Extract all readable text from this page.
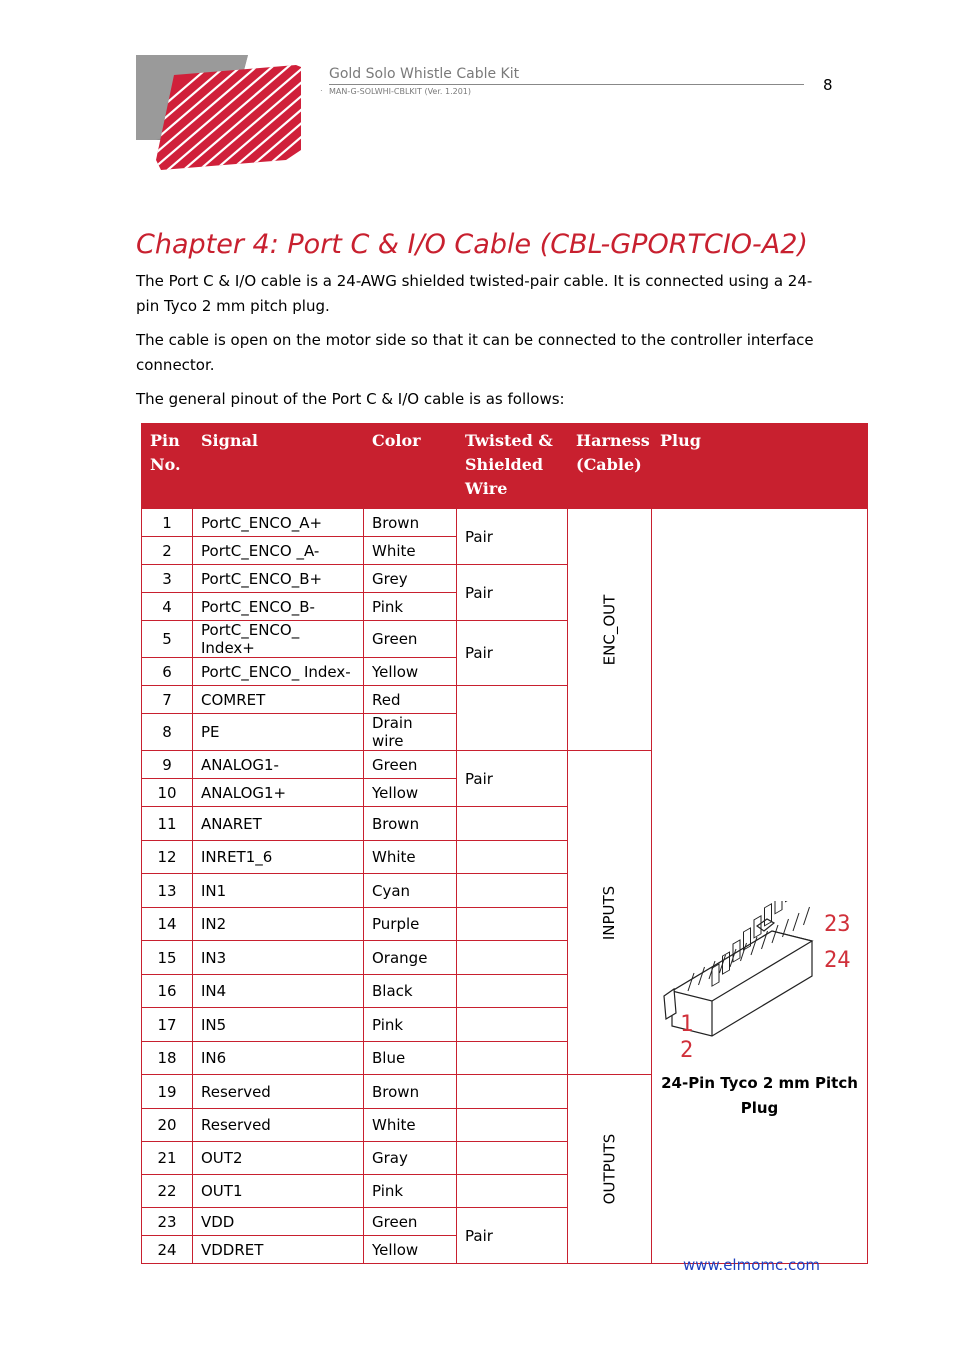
Gold Solo Whistle Cable Kit
· MAN-G-SOLWHI-CBLKIT (Ver. 1.201)	8
Chapter 4: Port C & I/O Cable (CBL-GPORTCIO-A2)
The Port C & I/O cable is a 24-AWG shielded twisted-pair cable. It is connected using a 24-pin Tyco 2 mm pitch plug.
The cable is open on the motor side so that it can be connected to the controller interface connector.
The general pinout of the Port C & I/O cable is as follows:
Pin No.	Signal	Color	Twisted & Shielded Wire	Harness (Cable)	Plug
1	PortC_ENCO_A+	Brown	Pair	ENC_OUT	23
24
1
2
24-Pin Tyco 2 mm Pitch Plug

2	PortC_ENCO _A-	White			
3	PortC_ENCO_B+	Grey	Pair		
4	PortC_ENCO_B-	Pink			
5	PortC_ENCO_ Index+	Green	Pair		
6	PortC_ENCO_ Index-	Yellow			
7	COMRET	Red			
8	PE	Drain wire			
9	ANALOG1-	Green	Pair	INPUTS	

10	ANALOG1+	Yellow			
11	ANARET	Brown			
12	INRET1_6	White			
13	IN1	Cyan			
14	IN2	Purple			
15	IN3	Orange			
16	IN4	Black			
17	IN5	Pink			
18	IN6	Blue			
19	Reserved	Brown		OUTPUTS	

20	Reserved	White			
21	OUT2	Gray			
22	OUT1	Pink			
23	VDD	Green	Pair		
24	VDDRET	Yellow			
www.elmomc.com
